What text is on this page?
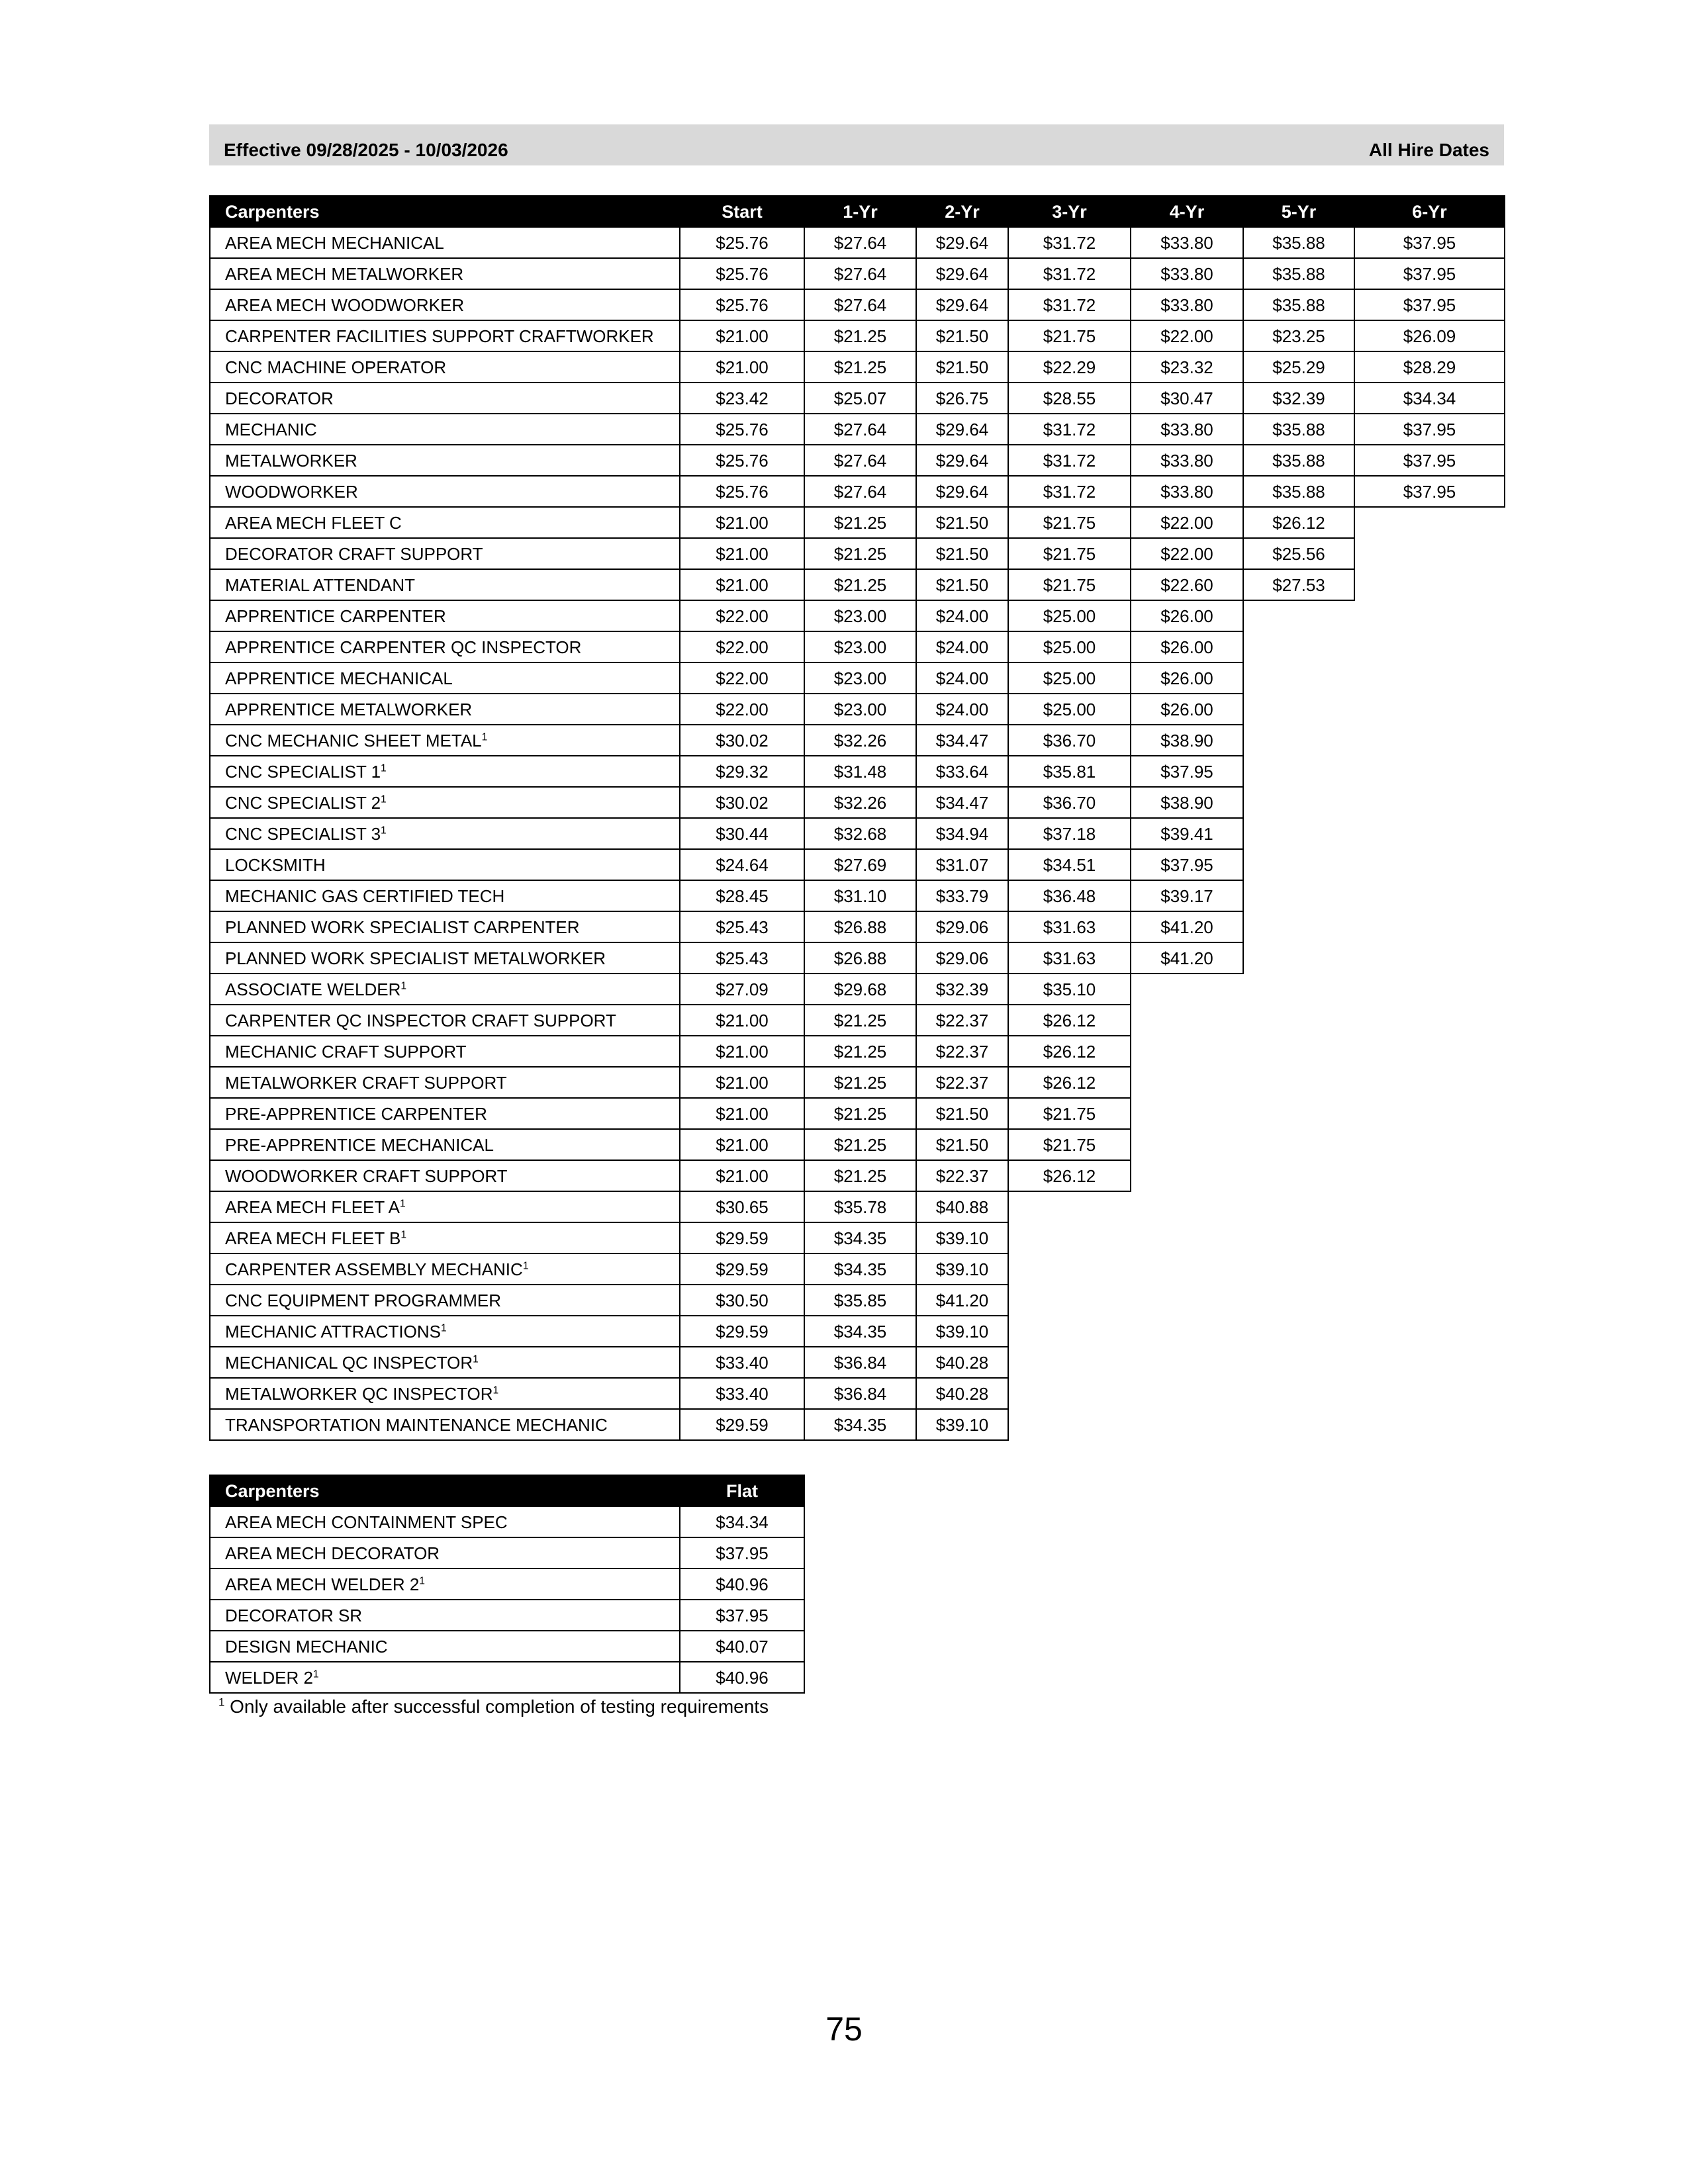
Effective 09/28/2025 - 10/03/2026	All Hire Dates
Carpenters	Start	1-Yr	2-Yr	3-Yr	4-Yr	5-Yr	6-Yr
AREA MECH MECHANICAL	$25.76	$27.64	$29.64	$31.72	$33.80	$35.88	$37.95
AREA MECH METALWORKER	$25.76	$27.64	$29.64	$31.72	$33.80	$35.88	$37.95
AREA MECH WOODWORKER	$25.76	$27.64	$29.64	$31.72	$33.80	$35.88	$37.95
CARPENTER FACILITIES SUPPORT CRAFTWORKER	$21.00	$21.25	$21.50	$21.75	$22.00	$23.25	$26.09
CNC MACHINE OPERATOR	$21.00	$21.25	$21.50	$22.29	$23.32	$25.29	$28.29
DECORATOR	$23.42	$25.07	$26.75	$28.55	$30.47	$32.39	$34.34
MECHANIC	$25.76	$27.64	$29.64	$31.72	$33.80	$35.88	$37.95
METALWORKER	$25.76	$27.64	$29.64	$31.72	$33.80	$35.88	$37.95
WOODWORKER	$25.76	$27.64	$29.64	$31.72	$33.80	$35.88	$37.95
AREA MECH FLEET C	$21.00	$21.25	$21.50	$21.75	$22.00	$26.12	
DECORATOR CRAFT SUPPORT	$21.00	$21.25	$21.50	$21.75	$22.00	$25.56	
MATERIAL ATTENDANT	$21.00	$21.25	$21.50	$21.75	$22.60	$27.53	
APPRENTICE CARPENTER	$22.00	$23.00	$24.00	$25.00	$26.00		
APPRENTICE CARPENTER QC INSPECTOR	$22.00	$23.00	$24.00	$25.00	$26.00		
APPRENTICE MECHANICAL	$22.00	$23.00	$24.00	$25.00	$26.00		
APPRENTICE METALWORKER	$22.00	$23.00	$24.00	$25.00	$26.00		
CNC MECHANIC SHEET METAL$^1$	$30.02	$32.26	$34.47	$36.70	$38.90		
CNC SPECIALIST $1^1$	$29.32	$31.48	$33.64	$35.81	$37.95		
CNC SPECIALIST $2^1$	$30.02	$32.26	$34.47	$36.70	$38.90		
CNC SPECIALIST $3^1$	$30.44	$32.68	$34.94	$37.18	$39.41		
LOCKSMITH	$24.64	$27.69	$31.07	$34.51	$37.95		
MECHANIC GAS CERTIFIED TECH	$28.45	$31.10	$33.79	$36.48	$39.17		
PLANNED WORK SPECIALIST CARPENTER	$25.43	$26.88	$29.06	$31.63	$41.20		
PLANNED WORK SPECIALIST METALWORKER	$25.43	$26.88	$29.06	$31.63	$41.20		
ASSOCIATE WELDER$^1$	$27.09	$29.68	$32.39	$35.10			
CARPENTER QC INSPECTOR CRAFT SUPPORT	$21.00	$21.25	$22.37	$26.12			
MECHANIC CRAFT SUPPORT	$21.00	$21.25	$22.37	$26.12			
METALWORKER CRAFT SUPPORT	$21.00	$21.25	$22.37	$26.12			
PRE-APPRENTICE CARPENTER	$21.00	$21.25	$21.50	$21.75			
PRE-APPRENTICE MECHANICAL	$21.00	$21.25	$21.50	$21.75			
WOODWORKER CRAFT SUPPORT	$21.00	$21.25	$22.37	$26.12			
AREA MECH FLEET $A^1$	$30.65	$35.78	$40.88				
AREA MECH FLEET $B^1$	$29.59	$34.35	$39.10				
CARPENTER ASSEMBLY MECHANIC$^1$	$29.59	$34.35	$39.10				
CNC EQUIPMENT PROGRAMMER	$30.50	$35.85	$41.20				
MECHANIC ATTRACTIONS$^1$	$29.59	$34.35	$39.10				
MECHANICAL QC INSPECTOR$^1$	$33.40	$36.84	$40.28				
METALWORKER QC INSPECTOR$^1$	$33.40	$36.84	$40.28				
TRANSPORTATION MAINTENANCE MECHANIC	$29.59	$34.35	$39.10				
Carpenters	Flat
AREA MECH CONTAINMENT SPEC	$34.34
AREA MECH DECORATOR	$37.95
AREA MECH WELDER $2^1$	$40.96
DECORATOR SR	$37.95
DESIGN MECHANIC	$40.07
WELDER $2^1$	$40.96
$^1$ Only available after successful completion of testing requirements
75
